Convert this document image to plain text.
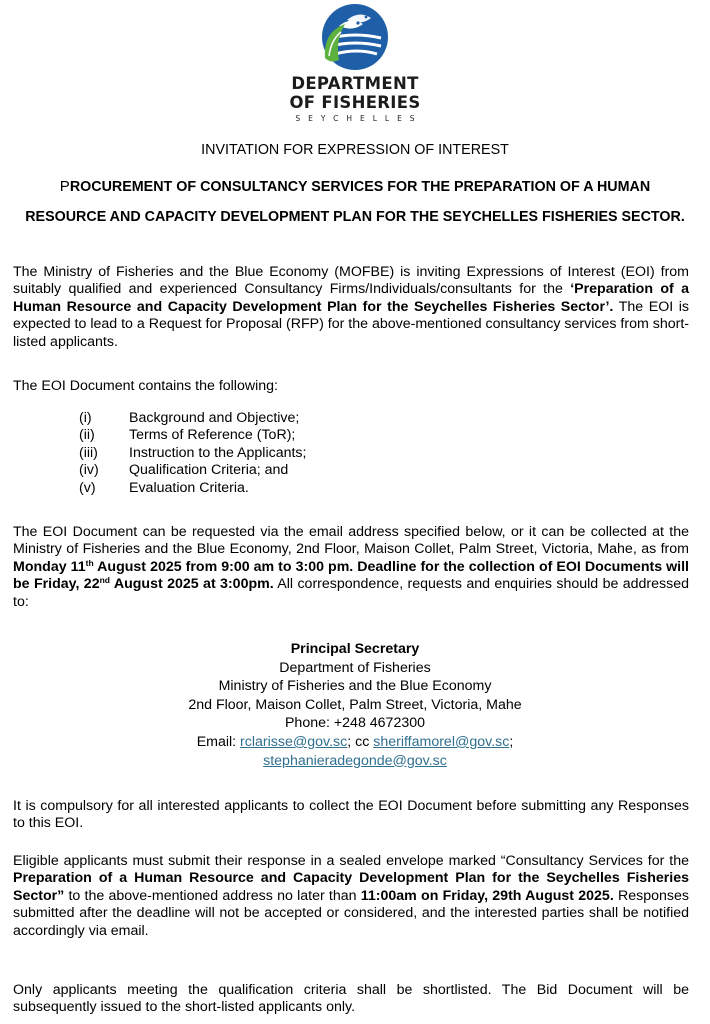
DEPARTMENT
OF FISHERIES
SEYCHELLES
INVITATION FOR EXPRESSION OF INTEREST
PROCUREMENT OF CONSULTANCY SERVICES FOR THE PREPARATION OF A HUMAN RESOURCE AND CAPACITY DEVELOPMENT PLAN FOR THE SEYCHELLES FISHERIES SECTOR.
The Ministry of Fisheries and the Blue Economy (MOFBE) is inviting Expressions of Interest (EOI) from suitably qualified and experienced Consultancy Firms/Individuals/consultants for the ‘Preparation of a Human Resource and Capacity Development Plan for the Seychelles Fisheries Sector’. The EOI is expected to lead to a Request for Proposal (RFP) for the above-mentioned consultancy services from short-listed applicants.
The EOI Document contains the following:
(i)	Background and Objective;
(ii)	Terms of Reference (ToR);
(iii)	Instruction to the Applicants;
(iv)	Qualification Criteria; and
(v)	Evaluation Criteria.
The EOI Document can be requested via the email address specified below, or it can be collected at the Ministry of Fisheries and the Blue Economy, 2nd Floor, Maison Collet, Palm Street, Victoria, Mahe, as from Monday 11th August 2025 from 9:00 am to 3:00 pm. Deadline for the collection of EOI Documents will be Friday, 22nd August 2025 at 3:00pm. All correspondence, requests and enquiries should be addressed to:
Principal Secretary
Department of Fisheries
Ministry of Fisheries and the Blue Economy
2nd Floor, Maison Collet, Palm Street, Victoria, Mahe
Phone: +248 4672300
Email: rclarisse@gov.sc; cc sheriffamorel@gov.sc;
stephanieradegonde@gov.sc
It is compulsory for all interested applicants to collect the EOI Document before submitting any Responses to this EOI.
Eligible applicants must submit their response in a sealed envelope marked “Consultancy Services for the Preparation of a Human Resource and Capacity Development Plan for the Seychelles Fisheries Sector” to the above-mentioned address no later than 11:00am on Friday, 29th August 2025. Responses submitted after the deadline will not be accepted or considered, and the interested parties shall be notified accordingly via email.
Only applicants meeting the qualification criteria shall be shortlisted. The Bid Document will be subsequently issued to the short-listed applicants only.
